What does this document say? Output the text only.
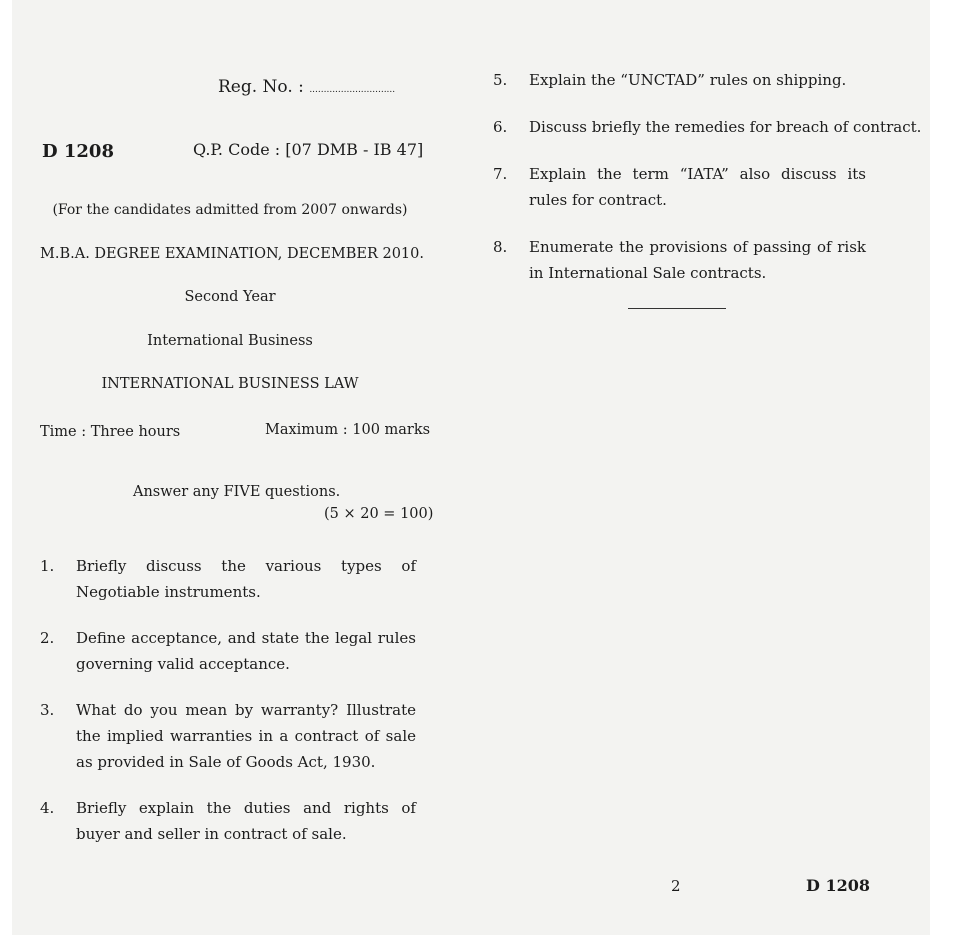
Reg. No. : ..............................
D 1208	Q.P. Code : [07 DMB - IB 47]
(For the candidates admitted from 2007 onwards)
M.B.A. DEGREE EXAMINATION, DECEMBER 2010.
Second Year
International Business
INTERNATIONAL BUSINESS LAW
Time : Three hours	Maximum : 100 marks
Answer any FIVE questions.
(5 × 20 = 100)
1. Briefly discuss the various types of Negotiable instruments.
2. Define acceptance, and state the legal rules governing valid acceptance.
3. What do you mean by warranty? Illustrate the implied warranties in a contract of sale as provided in Sale of Goods Act, 1930.
4. Briefly explain the duties and rights of buyer and seller in contract of sale.
5. Explain the “UNCTAD” rules on shipping.
6. Discuss briefly the remedies for breach of contract.
7. Explain the term “IATA” also discuss its rules for contract.
8. Enumerate the provisions of passing of risk in International Sale contracts.
2	D 1208
